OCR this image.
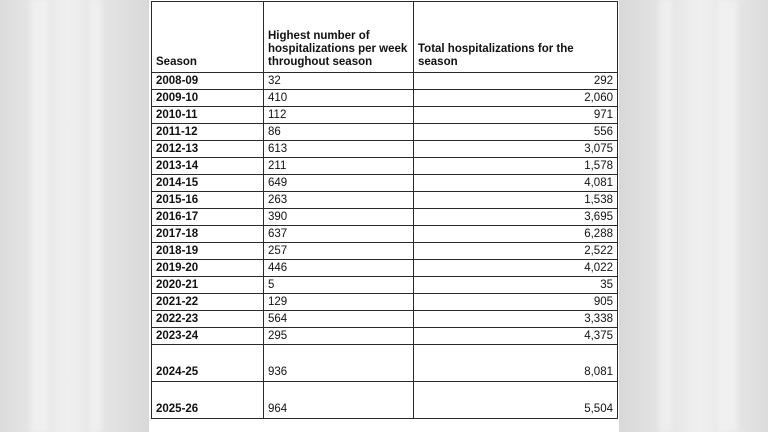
Season	Highest number of hospitalizations per week throughout season	Total hospitalizations for the season
2008-09	32	292
2009-10	410	2,060
2010-11	112	971
2011-12	86	556
2012-13	613	3,075
2013-14	211	1,578
2014-15	649	4,081
2015-16	263	1,538
2016-17	390	3,695
2017-18	637	6,288
2018-19	257	2,522
2019-20	446	4,022
2020-21	5	35
2021-22	129	905
2022-23	564	3,338
2023-24	295	4,375
2024-25	936	8,081
2025-26	964	5,504
